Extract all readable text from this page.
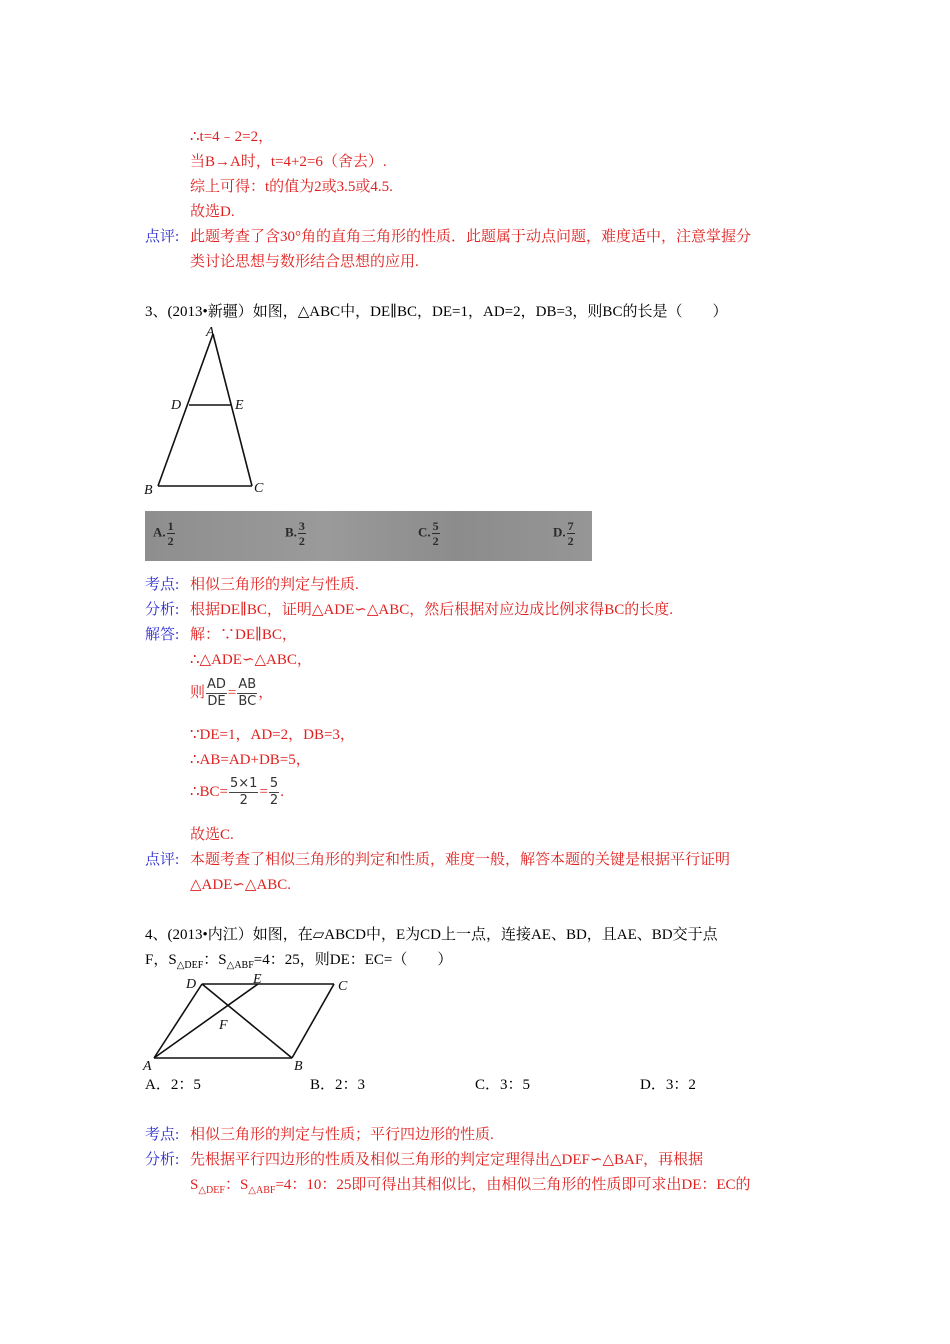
∴t=4﹣2=2，
当B→A时，t=4+2=6（舍去）.
综上可得：t的值为2或3.5或4.5.
故选D.
点评: 此题考查了含30°角的直角三角形的性质．此题属于动点问题，难度适中，注意掌握分
类讨论思想与数形结合思想的应用.
3、(2013•新疆）如图，△ABC中，DE∥BC，DE=1，AD=2，DB=3，则BC的长是（　　）
A
D	E
B	C
A. $\frac{1}{2}$	B. $\frac{3}{2}$	C. $\frac{5}{2}$	D. $\frac{7}{2}$
考点: 相似三角形的判定与性质.
分析: 根据DE∥BC，证明△ADE∽△ABC，然后根据对应边成比例求得BC的长度.
解答: 解：∵DE∥BC，
∴△ADE∽△ABC，
则 $\frac{AD}{DE} = \frac{AB}{BC}$ ，
∵DE=1，AD=2，DB=3，
∴AB=AD+DB=5，
∴BC= $\frac{5\times 1}{2} = \frac{5}{2}$ .
故选C.
点评: 本题考查了相似三角形的判定和性质，难度一般，解答本题的关键是根据平行证明
△ADE∽△ABC.
4、(2013•内江）如图，在▱ABCD中，E为CD上一点，连接AE、BD，且AE、BD交于点
F，$S_{\triangle DEF}$：$S_{\triangle ABF}=4$：25，则DE：EC=（　　）
D	E	C
F
A	B
A．2：5	B．2：3	C．3：5	D．3：2
考点: 相似三角形的判定与性质；平行四边形的性质.
分析: 先根据平行四边形的性质及相似三角形的判定定理得出△DEF∽△BAF，再根据
$S_{\triangle DEF}$：$S_{\triangle ABF}=4$：10：25即可得出其相似比，由相似三角形的性质即可求出DE：EC的
